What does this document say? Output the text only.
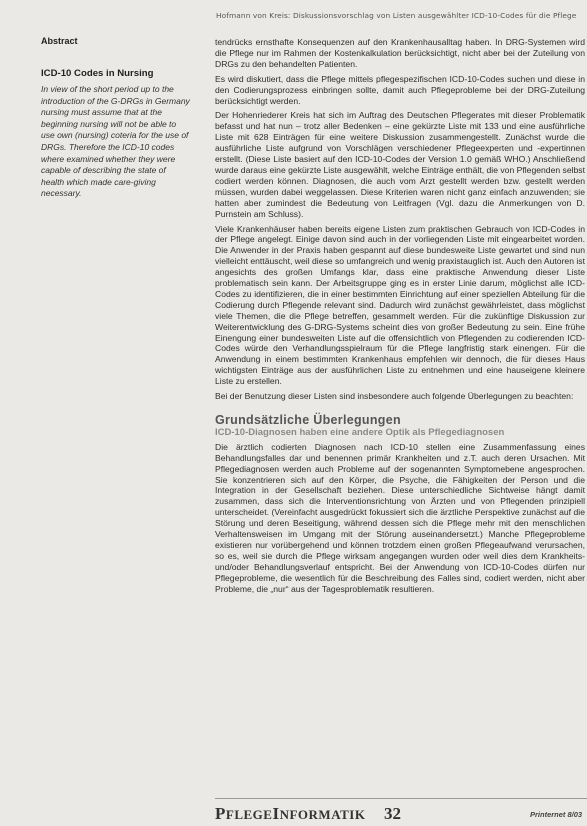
Hofmann von Kreis: Diskussionsvorschlag von Listen ausgewählter ICD-10-Codes für die Pflege
Abstract
ICD-10 Codes in Nursing

In view of the short period up to the introduction of the G-DRGs in Germany nursing must assume that at the beginning nursing will not be able to use own (nursing) coteria for the use of DRGs. Therefore the ICD-10 codes where examined whether they were capable of describing the state of health which made care-giving necessary.

tendrücks ernsthafte Konsequenzen auf den Krankenhausalltag haben. In DRG-Systemen wird die Pflege nur im Rahmen der Kostenkalkulation berücksichtigt, nicht aber bei der Zuteilung von DRGs zu den behandelten Patienten.

Es wird diskutiert, dass die Pflege mittels pflegespezifischen ICD-10-Codes suchen und diese in den Codierungsprozess einbringen sollte, damit auch Pflegeprobleme bei der DRG-Zuteilung berücksichtigt werden.

Der Hohenriederer Kreis hat sich im Auftrag des Deutschen Pflegerates mit dieser Problematik befasst und hat nun – trotz aller Bedenken – eine gekürzte Liste mit 133 und eine ausführliche Liste mit 628 Einträgen für eine weitere Diskussion zusammengestellt. Zunächst wurde die ausführliche Liste aufgrund von Vorschlägen verschiedener Pflegeexperten und -expertinnen erstellt. (Diese Liste basiert auf den ICD-10-Codes der Version 1.0 gemäß WHO.) Anschließend wurde daraus eine gekürzte Liste ausgewählt, welche Einträge enthält, die von Pflegenden selbst codiert werden können. Diagnosen, die auch vom Arzt gestellt werden bzw. gestellt werden müssen, wurden dabei weggelassen. Diese Kriterien waren nicht ganz einfach anzuwenden; sie hatten aber zumindest die Bedeutung von Leitfragen (Vgl. dazu die Anmerkungen von D. Purnstein am Schluss).

Viele Krankenhäuser haben bereits eigene Listen zum praktischen Gebrauch von ICD-Codes in der Pflege angelegt. Einige davon sind auch in der vorliegenden Liste mit eingearbeitet worden. Die Anwender in der Praxis haben gespannt auf diese bundesweite Liste gewartet und sind nun vielleicht enttäuscht, weil diese so umfangreich und wenig praxistauglich ist. Auch den Autoren ist angesichts des großen Umfangs klar, dass eine praktische Anwendung dieser Liste problematisch sein kann. Der Arbeitsgruppe ging es in erster Linie darum, möglichst alle ICD-Codes zu identifizieren, die in einer bestimmten Einrichtung auf einer speziellen Abteilung für die Codierung durch Pflegende relevant sind. Dadurch wird zunächst gewährleistet, dass möglichst viele Themen, die die Pflege betreffen, gesammelt werden. Für die zukünftige Diskussion zur Weiterentwicklung des G-DRG-Systems scheint dies von großer Bedeutung zu sein. Eine frühe Einengung einer bundesweiten Liste auf die offensichtlich von Pflegenden zu codierenden ICD-Codes würde den Verhandlungsspielraum für die Pflege langfristig stark einengen. Für die Anwendung in einem bestimmten Krankenhaus empfehlen wir dennoch, die für dieses Haus wichtigsten Einträge aus der ausführlichen Liste zu entnehmen und eine hauseigene kleinere Liste zu erstellen.

Bei der Benutzung dieser Listen sind insbesondere auch folgende Überlegungen zu beachten:

Grundsätzliche Überlegungen
ICD-10-Diagnosen haben eine andere Optik als Pflegediagnosen

Die ärztlich codierten Diagnosen nach ICD-10 stellen eine Zusammenfassung eines Behandlungsfalles dar und benennen primär Krankheiten und z.T. auch deren Ursachen. Mit Pflegediagnosen werden auch Probleme auf der sogenannten Symptomebene angesprochen. Sie konzentrieren sich auf den Körper, die Psyche, die Fähigkeiten der Person und die Integration in der Gesellschaft beziehen. Diese unterschiedliche Sichtweise hängt damit zusammen, dass sich die Interventionsrichtung von Ärzten und von Pflegenden prinzipiell unterscheidet. (Vereinfacht ausgedrückt fokussiert sich die ärztliche Perspektive zunächst auf die Störung und deren Beseitigung, während dessen sich die Pflege mehr mit den menschlichen Verhaltensweisen im Umgang mit der Störung auseinandersetzt.) Manche Pflegeprobleme existieren nur vorübergehend und können trotzdem einen großen Pflegeaufwand verursachen, so es, weil sie durch die Pflege wirksam angegangen wurden oder weil dies dem Krankheits- und/oder Behandlungsverlauf entspricht. Bei der Anwendung von ICD-10-Codes dürfen nur Pflegeprobleme, die wesentlich für die Beschreibung des Falles sind, codiert werden, nicht aber Probleme, die „nur“ aus der Tagesproblematik resultieren.

PFLEGEINFORMATIK 32	Printernet 8/03
